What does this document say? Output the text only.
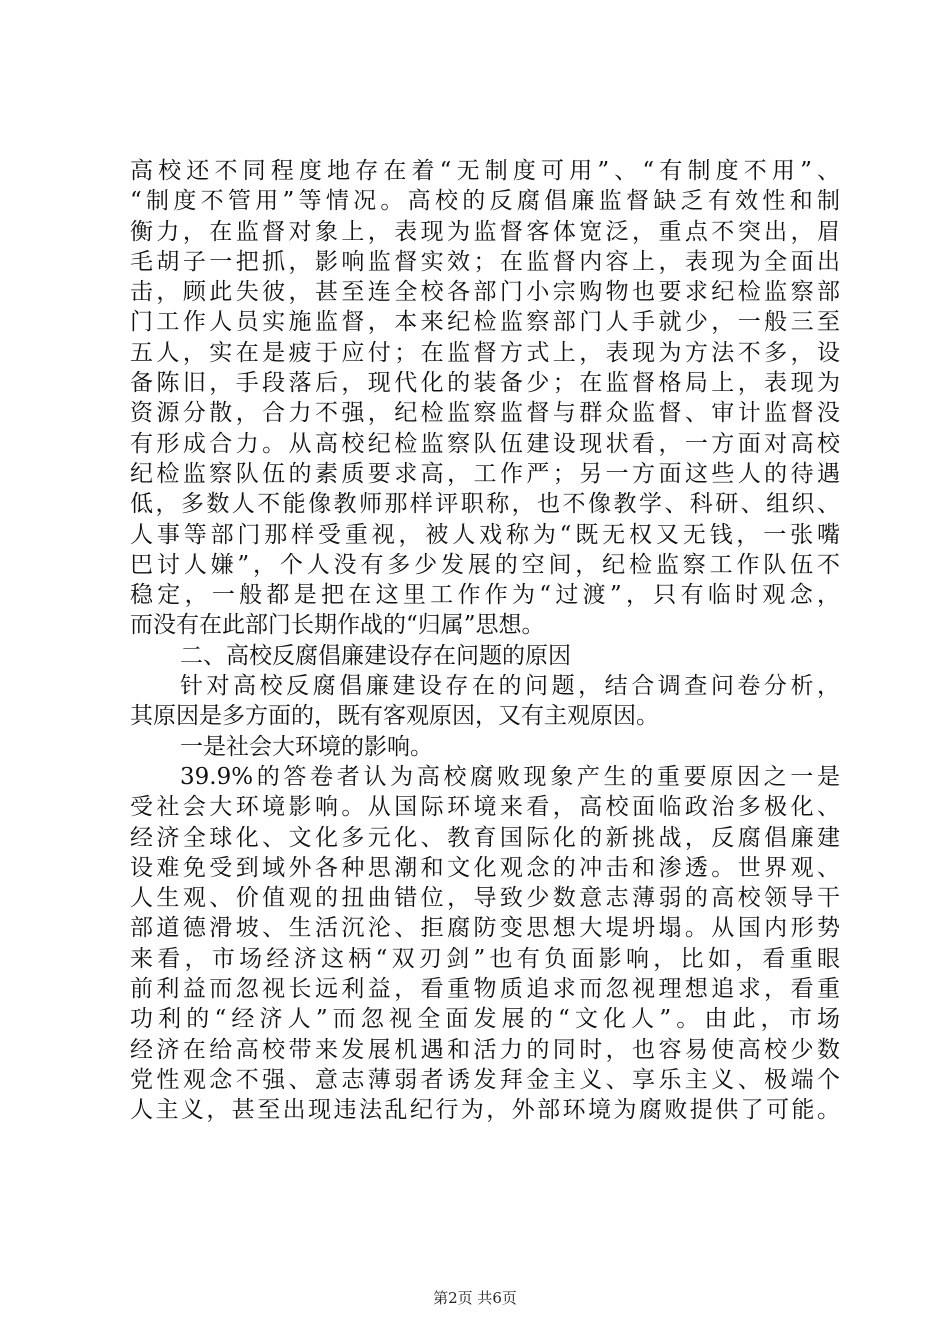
高校还不同程度地存在着“无制度可用”、“有制度不用”、
“制度不管用”等情况。高校的反腐倡廉监督缺乏有效性和制
衡力，在监督对象上，表现为监督客体宽泛，重点不突出，眉
毛胡子一把抓，影响监督实效；在监督内容上，表现为全面出
击，顾此失彼，甚至连全校各部门小宗购物也要求纪检监察部
门工作人员实施监督，本来纪检监察部门人手就少，一般三至
五人，实在是疲于应付；在监督方式上，表现为方法不多，设
备陈旧，手段落后，现代化的装备少；在监督格局上，表现为
资源分散，合力不强，纪检监察监督与群众监督、审计监督没
有形成合力。从高校纪检监察队伍建设现状看，一方面对高校
纪检监察队伍的素质要求高，工作严；另一方面这些人的待遇
低，多数人不能像教师那样评职称，也不像教学、科研、组织、
人事等部门那样受重视，被人戏称为“既无权又无钱，一张嘴
巴讨人嫌”，个人没有多少发展的空间，纪检监察工作队伍不
稳定，一般都是把在这里工作作为“过渡”，只有临时观念，
而没有在此部门长期作战的“归属”思想。
二、高校反腐倡廉建设存在问题的原因
针对高校反腐倡廉建设存在的问题，结合调查问卷分析，
其原因是多方面的，既有客观原因，又有主观原因。
一是社会大环境的影响。
39.9%的答卷者认为高校腐败现象产生的重要原因之一是
受社会大环境影响。从国际环境来看，高校面临政治多极化、
经济全球化、文化多元化、教育国际化的新挑战，反腐倡廉建
设难免受到域外各种思潮和文化观念的冲击和渗透。世界观、
人生观、价值观的扭曲错位，导致少数意志薄弱的高校领导干
部道德滑坡、生活沉沦、拒腐防变思想大堤坍塌。从国内形势
来看，市场经济这柄“双刃剑”也有负面影响，比如，看重眼
前利益而忽视长远利益，看重物质追求而忽视理想追求，看重
功利的“经济人”而忽视全面发展的“文化人”。由此，市场
经济在给高校带来发展机遇和活力的同时，也容易使高校少数
党性观念不强、意志薄弱者诱发拜金主义、享乐主义、极端个
人主义，甚至出现违法乱纪行为，外部环境为腐败提供了可能。
第2页 共6页
